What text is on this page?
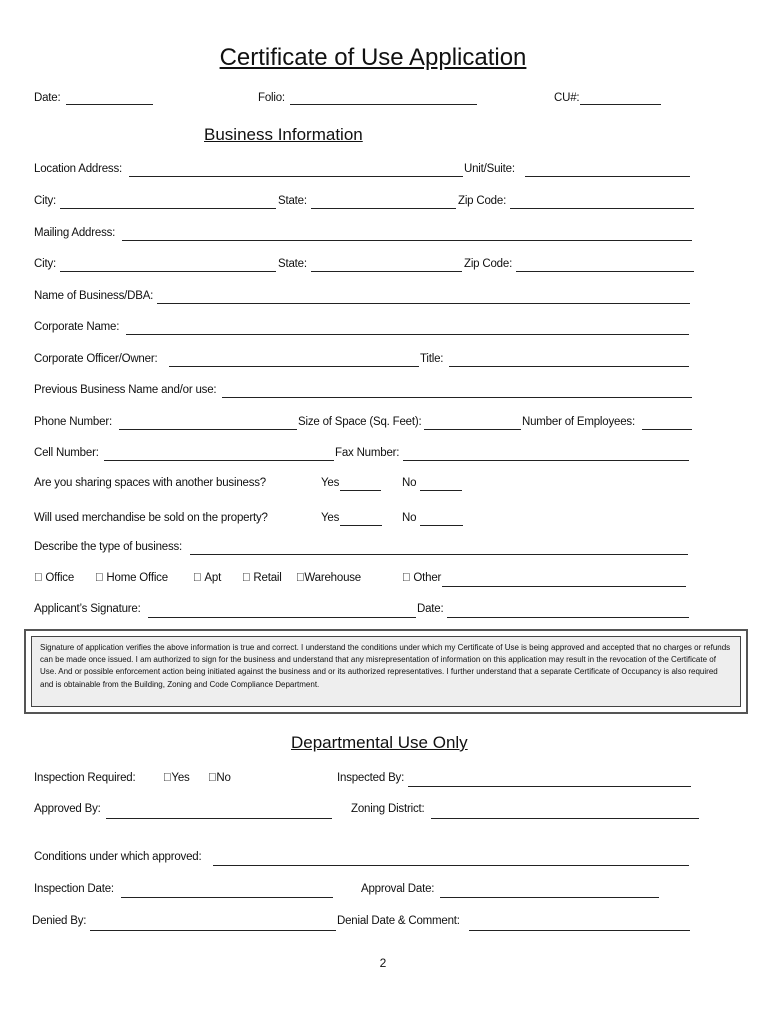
Certificate of Use Application
Date:	Folio:	CU#:
Business Information
Location Address:	Unit/Suite:
City:	State:	Zip Code:
Mailing Address:
City:	State:	Zip Code:
Name of Business/DBA:
Corporate Name:
Corporate Officer/Owner:	Title:
Previous Business Name and/or use:
Phone Number:	Size of Space (Sq. Feet):	Number of Employees:
Cell Number:	Fax Number:
Are you sharing spaces with another business?	Yes	No
Will used merchandise be sold on the property?	Yes	No
Describe the type of business:
Office	Home Office	Apt	Retail Warehouse	Other
Applicant’s Signature:	Date:
Signature of application verifies the above information is true and correct. I understand the conditions under which my Certificate of Use is being approved and accepted that no charges or refunds can be made once issued. I am authorized to sign for the business and understand that any misrepresentation of information on this application may result in the revocation of the Certificate of Use. And or possible enforcement action being initiated against the business and or its authorized representatives. I further understand that a separate Certificate of Occupancy is also required and is obtainable from the Building, Zoning and Code Compliance Department.
Departmental Use Only
Inspection Required: Yes No	Inspected By:
Approved By:	Zoning District:
Conditions under which approved:
Inspection Date:	Approval Date:
Denied By:	Denial Date & Comment:
2
